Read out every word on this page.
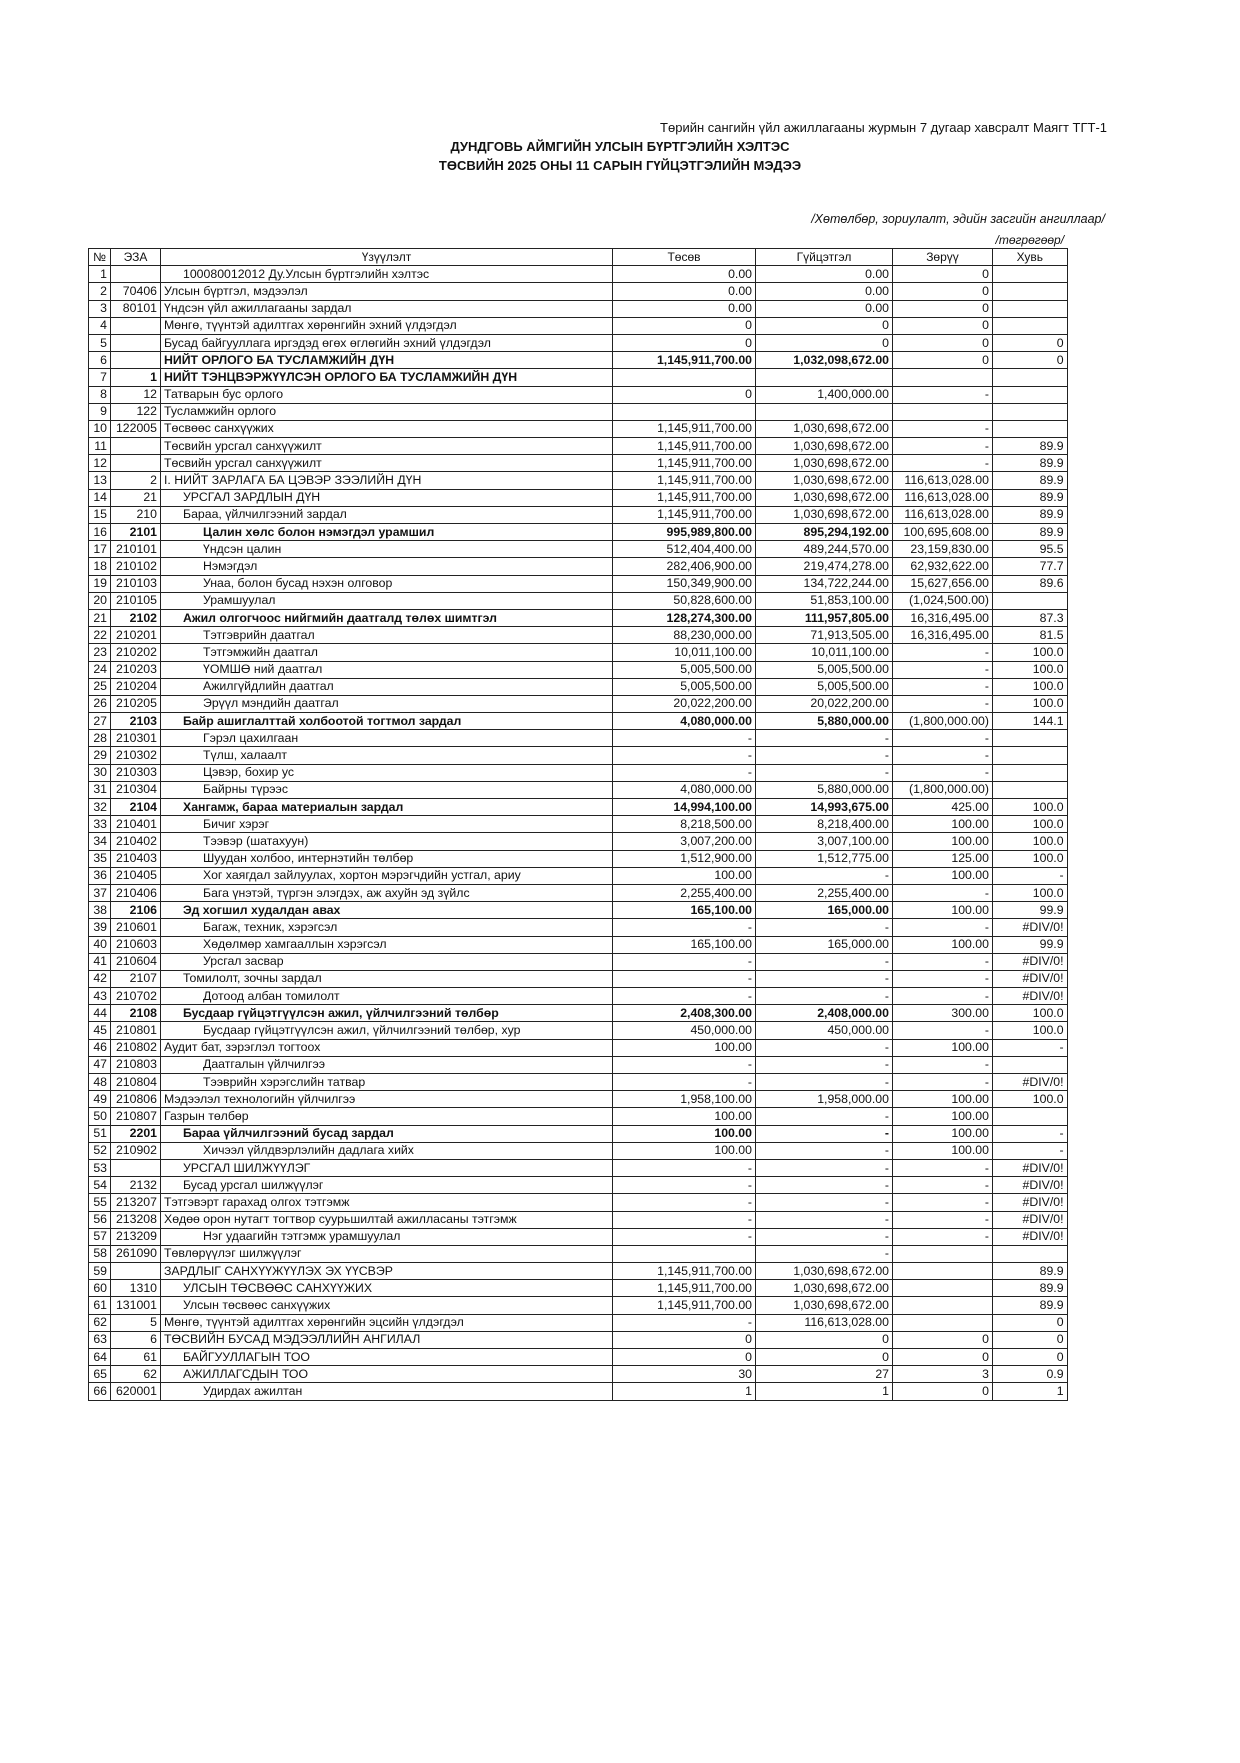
Төрийн сангийн үйл ажиллагааны журмын 7 дугаар хавсралт Маягт ТГТ-1
ДУНДГОВЬ АЙМГИЙН УЛСЫН БҮРТГЭЛИЙН ХЭЛТЭС
ТӨСВИЙН 2025 ОНЫ 11 САРЫН ГҮЙЦЭТГЭЛИЙН МЭДЭЭ
/Хөтөлбөр, зориулалт, эдийн засгийн ангиллаар/
						/төгрөгөөр/
№	ЭЗА	Үзүүлэлт	Төсөв	Гүйцэтгэл	Зөрүү	Хувь
1		100080012012 Ду.Улсын бүртгэлийн хэлтэс	0.00	0.00	0	
2	70406	Улсын бүртгэл, мэдээлэл	0.00	0.00	0	
3	80101	Үндсэн үйл ажиллагааны зардал	0.00	0.00	0	
4		Мөнгө, түүнтэй адилтгах хөрөнгийн эхний үлдэгдэл	0	0	0	
5		Бусад байгууллага иргэдэд өгөх өглөгийн эхний үлдэгдэл	0	0	0	0
6		НИЙТ ОРЛОГО БА ТУСЛАМЖИЙН ДҮН	1,145,911,700.00	1,032,098,672.00	0	0
7	1	НИЙТ ТЭНЦВЭРЖҮҮЛСЭН ОРЛОГО БА ТУСЛАМЖИЙН ДҮН				
8	12	Татварын бус орлого	0	1,400,000.00	-	
9	122	Тусламжийн орлого				
10	122005	Төсвөөс санхүүжих	1,145,911,700.00	1,030,698,672.00	-	
11		Төсвийн урсгал санхүүжилт	1,145,911,700.00	1,030,698,672.00	-	89.9
12		Төсвийн урсгал санхүүжилт	1,145,911,700.00	1,030,698,672.00	-	89.9
13	2	I. НИЙТ ЗАРЛАГА БА ЦЭВЭР ЗЭЭЛИЙН ДҮН	1,145,911,700.00	1,030,698,672.00	116,613,028.00	89.9
14	21	УРСГАЛ ЗАРДЛЫН ДҮН	1,145,911,700.00	1,030,698,672.00	116,613,028.00	89.9
15	210	Бараа, үйлчилгээний зардал	1,145,911,700.00	1,030,698,672.00	116,613,028.00	89.9
16	2101	Цалин хөлс болон нэмэгдэл урамшил	995,989,800.00	895,294,192.00	100,695,608.00	89.9
17	210101	Үндсэн цалин	512,404,400.00	489,244,570.00	23,159,830.00	95.5
18	210102	Нэмэгдэл	282,406,900.00	219,474,278.00	62,932,622.00	77.7
19	210103	Унаа, болон бусад нэхэн олговор	150,349,900.00	134,722,244.00	15,627,656.00	89.6
20	210105	Урамшуулал	50,828,600.00	51,853,100.00	(1,024,500.00)	
21	2102	Ажил олгогчоос нийгмийн даатгалд төлөх шимтгэл	128,274,300.00	111,957,805.00	16,316,495.00	87.3
22	210201	Тэтгэврийн даатгал	88,230,000.00	71,913,505.00	16,316,495.00	81.5
23	210202	Тэтгэмжийн даатгал	10,011,100.00	10,011,100.00	-	100.0
24	210203	ҮОМШӨ ний даатгал	5,005,500.00	5,005,500.00	-	100.0
25	210204	Ажилгүйдлийн даатгал	5,005,500.00	5,005,500.00	-	100.0
26	210205	Эрүүл мэндийн даатгал	20,022,200.00	20,022,200.00	-	100.0
27	2103	Байр ашиглалттай холбоотой тогтмол зардал	4,080,000.00	5,880,000.00	(1,800,000.00)	144.1
28	210301	Гэрэл цахилгаан	-	-	-	
29	210302	Түлш, халаалт	-	-	-	
30	210303	Цэвэр, бохир ус	-	-	-	
31	210304	Байрны түрээс	4,080,000.00	5,880,000.00	(1,800,000.00)	
32	2104	Хангамж, бараа материалын зардал	14,994,100.00	14,993,675.00	425.00	100.0
33	210401	Бичиг хэрэг	8,218,500.00	8,218,400.00	100.00	100.0
34	210402	Тээвэр (шатахуун)	3,007,200.00	3,007,100.00	100.00	100.0
35	210403	Шуудан холбоо, интернэтийн төлбөр	1,512,900.00	1,512,775.00	125.00	100.0
36	210405	Хог хаягдал зайлуулах, хортон мэрэгчдийн устгал, ариу	100.00	-	100.00	-
37	210406	Бага үнэтэй, түргэн элэгдэх, аж ахуйн эд зүйлс	2,255,400.00	2,255,400.00	-	100.0
38	2106	Эд хогшил худалдан авах	165,100.00	165,000.00	100.00	99.9
39	210601	Багаж, техник, хэрэгсэл	-	-	-	#DIV/0!
40	210603	Хөдөлмөр хамгааллын хэрэгсэл	165,100.00	165,000.00	100.00	99.9
41	210604	Урсгал засвар	-	-	-	#DIV/0!
42	2107	Томилолт, зочны зардал	-	-	-	#DIV/0!
43	210702	Дотоод албан томилолт	-	-	-	#DIV/0!
44	2108	Бусдаар гүйцэтгүүлсэн ажил, үйлчилгээний төлбөр	2,408,300.00	2,408,000.00	300.00	100.0
45	210801	Бусдаар гүйцэтгүүлсэн ажил, үйлчилгээний төлбөр, хур	450,000.00	450,000.00	-	100.0
46	210802	Аудит бат, зэрэглэл тогтоох	100.00	-	100.00	-
47	210803	Даатгалын үйлчилгээ	-	-	-	
48	210804	Тээврийн хэрэгслийн татвар	-	-	-	#DIV/0!
49	210806	Мэдээлэл технологийн үйлчилгээ	1,958,100.00	1,958,000.00	100.00	100.0
50	210807	Газрын төлбөр	100.00	-	100.00	
51	2201	Бараа үйлчилгээний бусад зардал	100.00	-	100.00	-
52	210902	Хичээл үйлдвэрлэлийн дадлага хийх	100.00	-	100.00	-
53		УРСГАЛ ШИЛЖҮҮЛЭГ	-	-	-	#DIV/0!
54	2132	Бусад урсгал шилжүүлэг	-	-	-	#DIV/0!
55	213207	Тэтгэвэрт гарахад олгох тэтгэмж	-	-	-	#DIV/0!
56	213208	Хөдөө орон нутагт тогтвор суурьшилтай ажилласаны тэтгэмж	-	-	-	#DIV/0!
57	213209	Нэг удаагийн тэтгэмж урамшуулал	-	-	-	#DIV/0!
58	261090	Төвлөрүүлэг шилжүүлэг		-		
59		ЗАРДЛЫГ САНХҮҮЖҮҮЛЭХ ЭХ ҮҮСВЭР	1,145,911,700.00	1,030,698,672.00		89.9
60	1310	УЛСЫН ТӨСВӨӨС САНХҮҮЖИХ	1,145,911,700.00	1,030,698,672.00		89.9
61	131001	Улсын төсвөөс санхүүжих	1,145,911,700.00	1,030,698,672.00		89.9
62	5	Мөнгө, түүнтэй адилтгах хөрөнгийн эцсийн үлдэгдэл	-	116,613,028.00		0
63	6	ТӨСВИЙН БУСАД МЭДЭЭЛЛИЙН АНГИЛАЛ	0	0	0	0
64	61	БАЙГУУЛЛАГЫН ТОО	0	0	0	0
65	62	АЖИЛЛАГСДЫН ТОО	30	27	3	0.9
66	620001	Удирдах ажилтан	1	1	0	1
